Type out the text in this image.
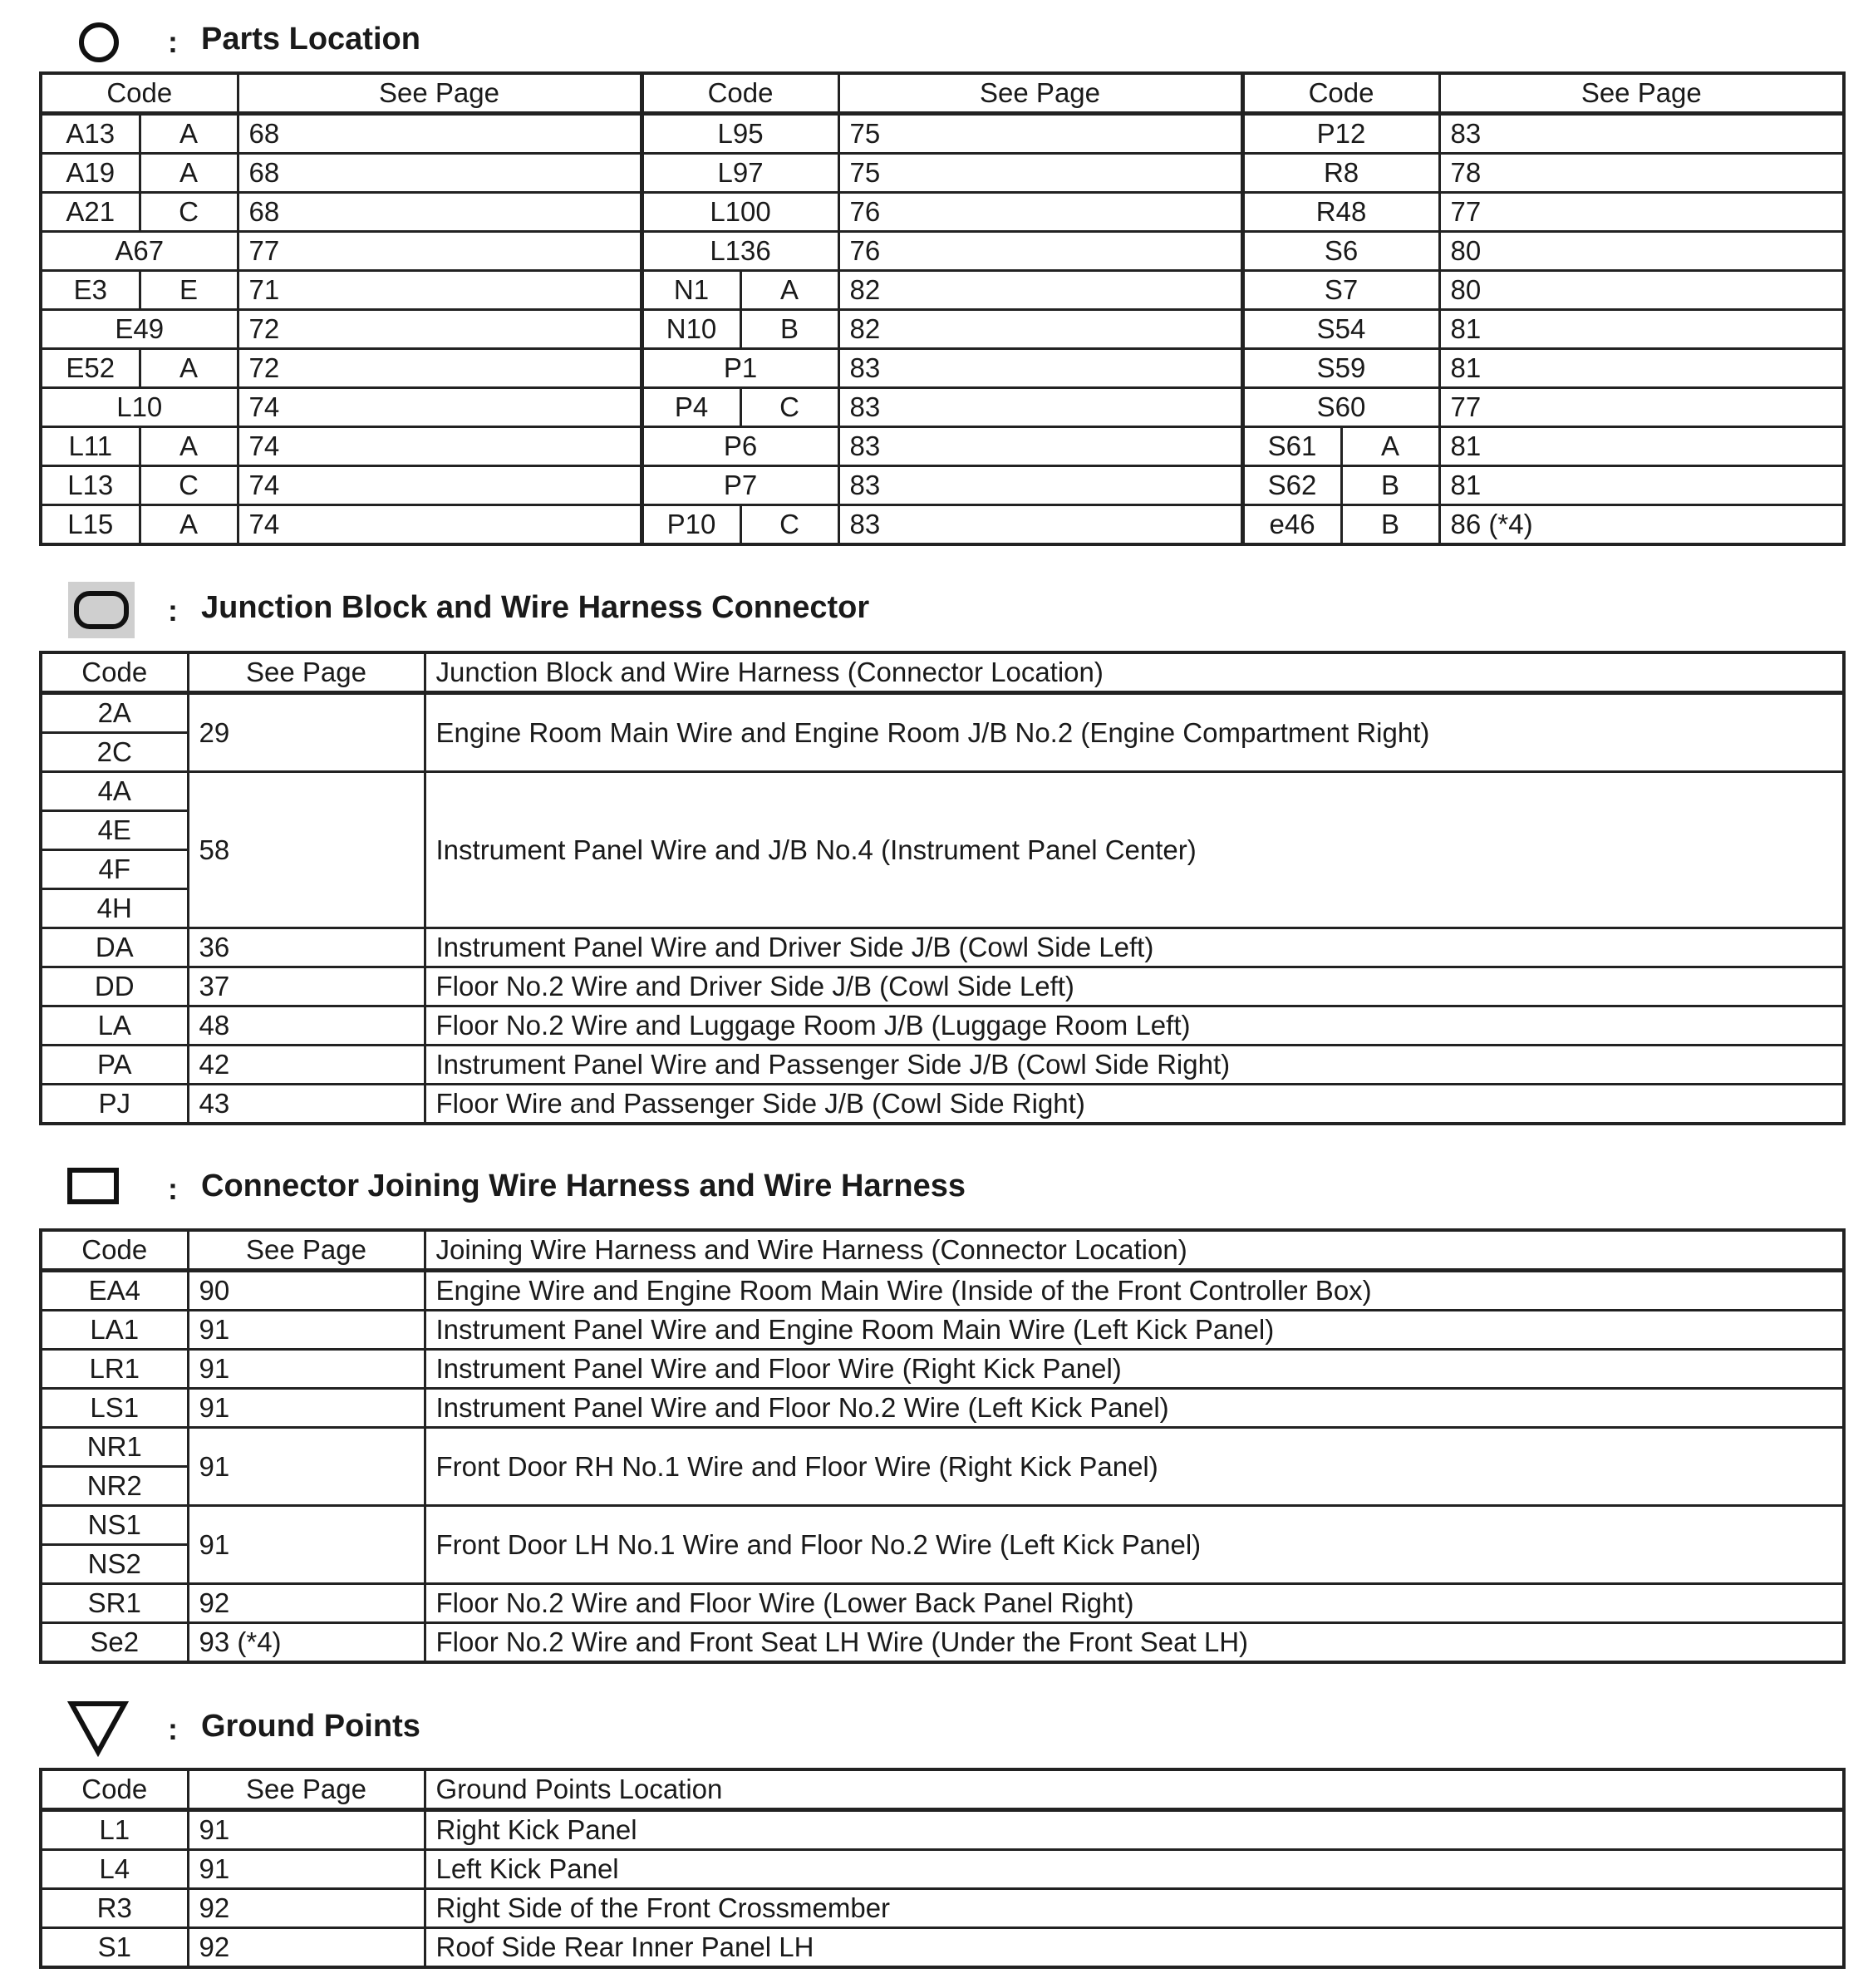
: Parts Location
Code		See Page	Code		See Page	Code		See Page
A13	A	68	L95		75	P12		83
A19	A	68	L97		75	R8		78
A21	C	68	L100		76	R48		77
A67		77	L136		76	S6		80
E3	E	71	N1	A	82	S7		80
E49		72	N10	B	82	S54		81
E52	A	72	P1		83	S59		81
L10		74	P4	C	83	S60		77
L11	A	74	P6		83	S61	A	81
L13	C	74	P7		83	S62	B	81
L15	A	74	P10	C	83	e46	B	86 (*4)
: Junction Block and Wire Harness Connector
Code	See Page	Junction Block and Wire Harness (Connector Location)
2A	29	Engine Room Main Wire and Engine Room J/B No.2 (Engine Compartment Right)
2C		
4A	58	Instrument Panel Wire and J/B No.4 (Instrument Panel Center)
4E		
4F		
4H		
DA	36	Instrument Panel Wire and Driver Side J/B (Cowl Side Left)
DD	37	Floor No.2 Wire and Driver Side J/B (Cowl Side Left)
LA	48	Floor No.2 Wire and Luggage Room J/B (Luggage Room Left)
PA	42	Instrument Panel Wire and Passenger Side J/B (Cowl Side Right)
PJ	43	Floor Wire and Passenger Side J/B (Cowl Side Right)
: Connector Joining Wire Harness and Wire Harness
Code	See Page	Joining Wire Harness and Wire Harness (Connector Location)
EA4	90	Engine Wire and Engine Room Main Wire (Inside of the Front Controller Box)
LA1	91	Instrument Panel Wire and Engine Room Main Wire (Left Kick Panel)
LR1	91	Instrument Panel Wire and Floor Wire (Right Kick Panel)
LS1	91	Instrument Panel Wire and Floor No.2 Wire (Left Kick Panel)
NR1	91	Front Door RH No.1 Wire and Floor Wire (Right Kick Panel)
NR2		
NS1	91	Front Door LH No.1 Wire and Floor No.2 Wire (Left Kick Panel)
NS2		
SR1	92	Floor No.2 Wire and Floor Wire (Lower Back Panel Right)
Se2	93 (*4)	Floor No.2 Wire and Front Seat LH Wire (Under the Front Seat LH)
: Ground Points
Code	See Page	Ground Points Location
L1	91	Right Kick Panel
L4	91	Left Kick Panel
R3	92	Right Side of the Front Crossmember
S1	92	Roof Side Rear Inner Panel LH
